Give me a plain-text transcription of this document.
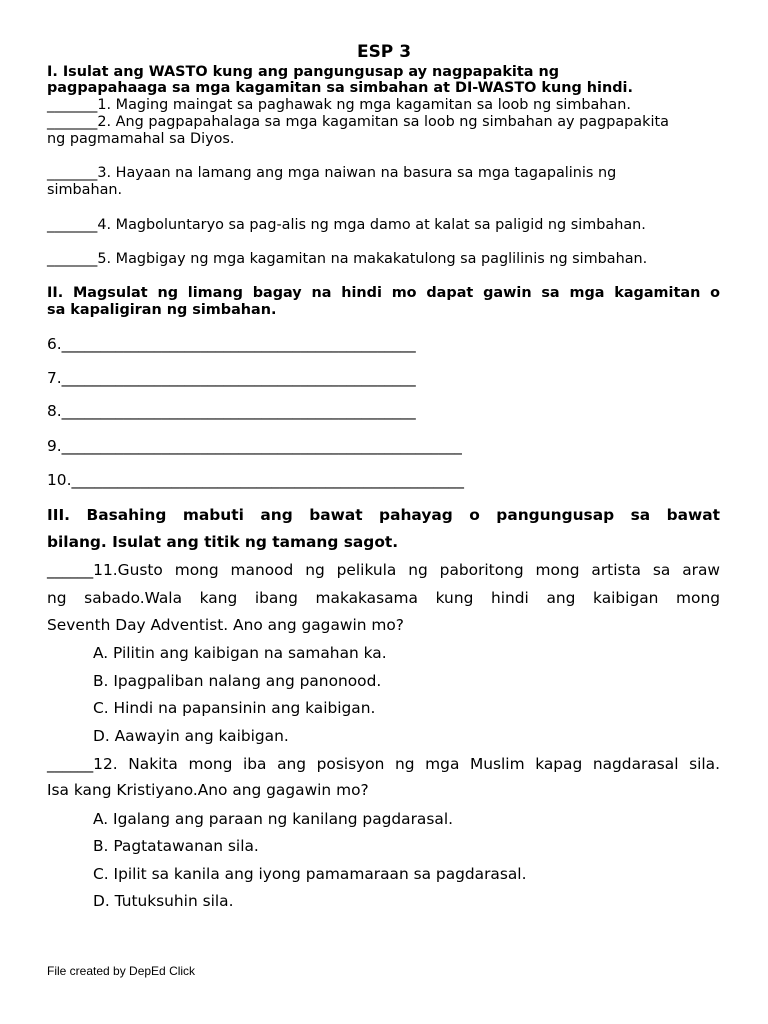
ESP 3
I. Isulat ang WASTO kung ang pangungusap ay nagpapakita ng
pagpapahaaga sa mga kagamitan sa simbahan at DI-WASTO kung hindi.
_______1. Maging maingat sa paghawak ng mga kagamitan sa loob ng simbahan.
_______2. Ang pagpapahalaga sa mga kagamitan sa loob ng simbahan ay pagpapakita
ng pagmamahal sa Diyos.
_______3. Hayaan na lamang ang mga naiwan na basura sa mga tagapalinis ng
simbahan.
_______4. Magboluntaryo sa pag-alis ng mga damo at kalat sa paligid ng simbahan.
_______5. Magbigay ng mga kagamitan na makakatulong sa paglilinis ng simbahan.
II. Magsulat ng limang bagay na hindi mo dapat gawin sa mga kagamitan o
sa kapaligiran ng simbahan.
6.______________________________________________
7.______________________________________________
8.______________________________________________
9.____________________________________________________
10.___________________________________________________
III. Basahing mabuti ang bawat pahayag o pangungusap sa bawat
bilang. Isulat ang titik ng tamang sagot.
______11.Gusto mong manood ng pelikula ng paboritong mong artista sa araw
ng sabado.Wala kang ibang makakasama kung hindi ang kaibigan mong
Seventh Day Adventist. Ano ang gagawin mo?
A. Pilitin ang kaibigan na samahan ka.
B. Ipagpaliban nalang ang panonood.
C. Hindi na papansinin ang kaibigan.
D. Aawayin ang kaibigan.
______12. Nakita mong iba ang posisyon ng mga Muslim kapag nagdarasal sila.
Isa kang Kristiyano.Ano ang gagawin mo?
A. Igalang ang paraan ng kanilang pagdarasal.
B. Pagtatawanan sila.
C. Ipilit sa kanila ang iyong pamamaraan sa pagdarasal.
D. Tutuksuhin sila.
File created by DepEd Click
